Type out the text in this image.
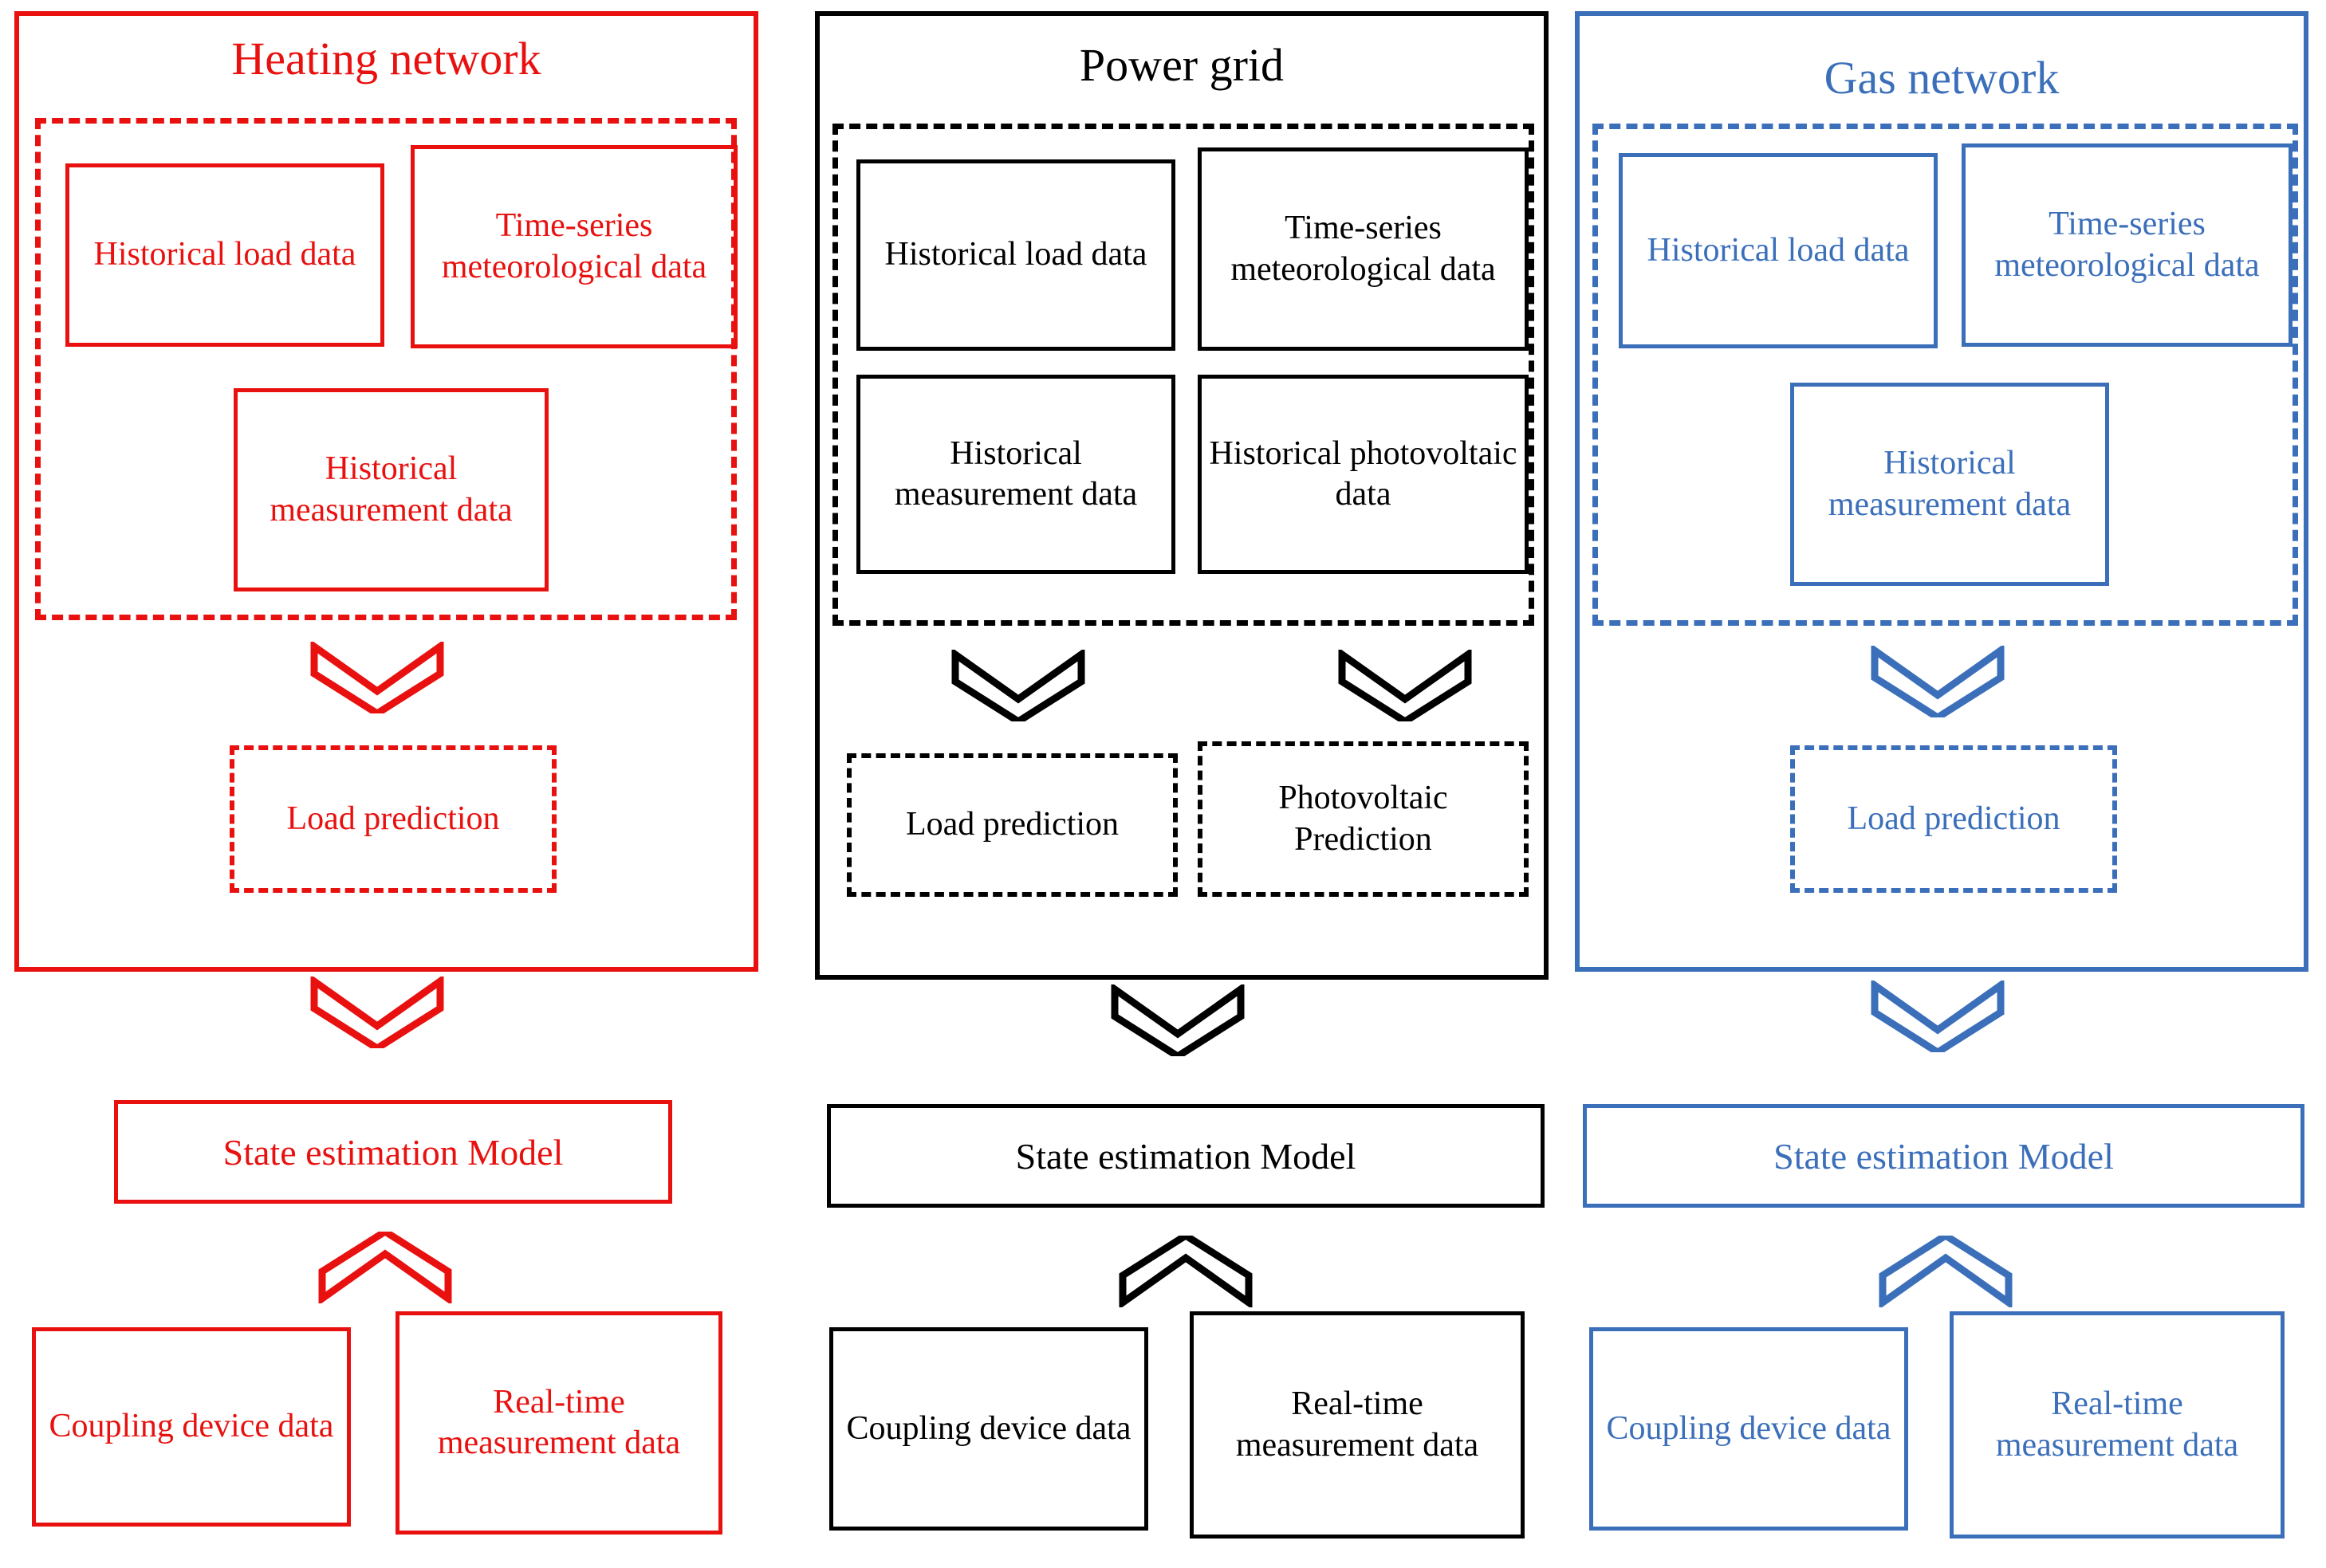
Heating network
Historical load data
Time-series meteorological data
Historical measurement data
Load prediction
State estimation Model
Coupling device data
Real-time measurement data
Power grid
Historical load data
Time-series meteorological data
Historical measurement data
Historical photovoltaic data
Load prediction
Photovoltaic Prediction
State estimation Model
Coupling device data
Real-time measurement data
Gas network
Historical load data
Time-series meteorological data
Historical measurement data
Load prediction
State estimation Model
Coupling device data
Real-time measurement data
